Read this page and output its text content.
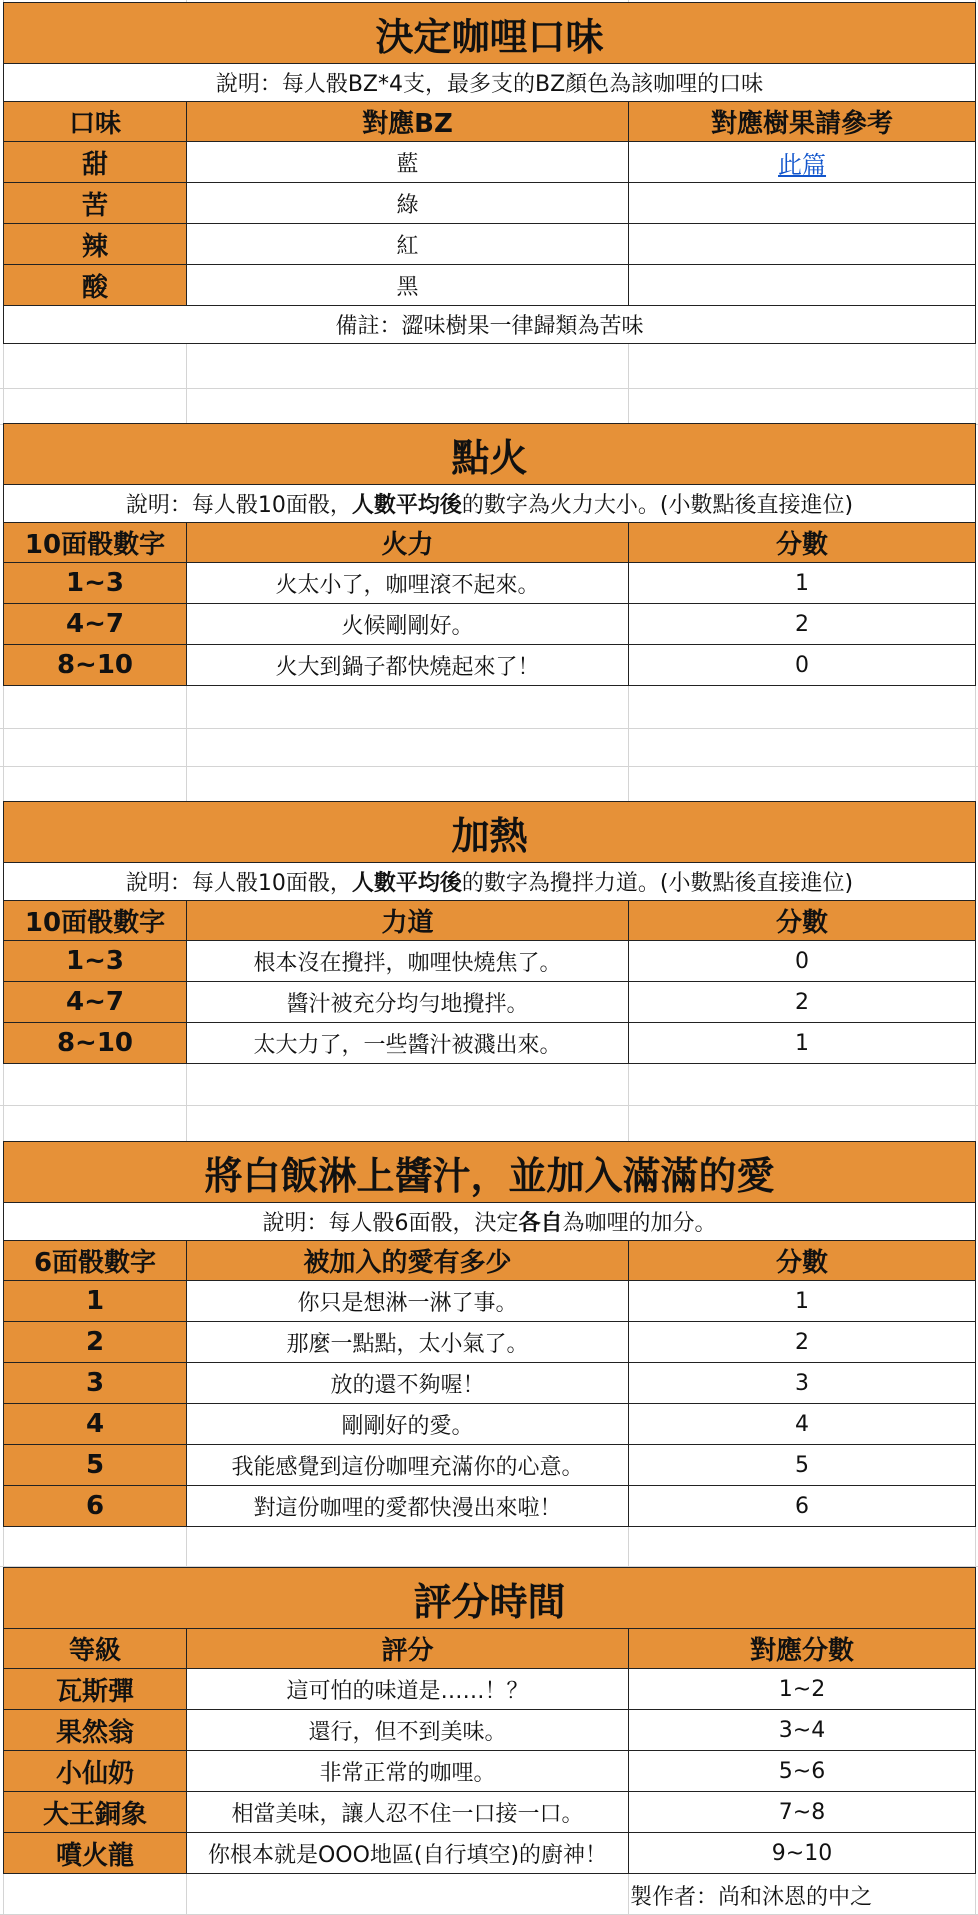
決定咖哩口味		
說明：每人骰BZ*4支，最多支的BZ顏色為該咖哩的口味		
口味	對應BZ	對應樹果請參考
甜	藍	此篇
苦	綠	
辣	紅	
酸	黑	
備註：澀味樹果一律歸類為苦味		
點火		
說明：每人骰10面骰，人數平均後的數字為火力大小。(小數點後直接進位)		
10面骰數字	火力	分數
1~3	火太小了，咖哩滾不起來。	1
4~7	火候剛剛好。	2
8~10	火大到鍋子都快燒起來了！	0
加熱		
說明：每人骰10面骰，人數平均後的數字為攪拌力道。(小數點後直接進位)		
10面骰數字	力道	分數
1~3	根本沒在攪拌，咖哩快燒焦了。	0
4~7	醬汁被充分均勻地攪拌。	2
8~10	太大力了，一些醬汁被濺出來。	1
將白飯淋上醬汁，並加入滿滿的愛		
說明：每人骰6面骰，決定各自為咖哩的加分。		
6面骰數字	被加入的愛有多少	分數
1	你只是想淋一淋了事。	1
2	那麼一點點，太小氣了。	2
3	放的還不夠喔！	3
4	剛剛好的愛。	4
5	我能感覺到這份咖哩充滿你的心意。	5
6	對這份咖哩的愛都快漫出來啦！	6
評分時間		
等級	評分	對應分數
瓦斯彈	這可怕的味道是……！？	1~2
果然翁	還行，但不到美味。	3~4
小仙奶	非常正常的咖哩。	5~6
大王銅象	相當美味，讓人忍不住一口接一口。	7~8
噴火龍	你根本就是OOO地區(自行填空)的廚神！	9~10
製作者：尚和沐恩的中之
